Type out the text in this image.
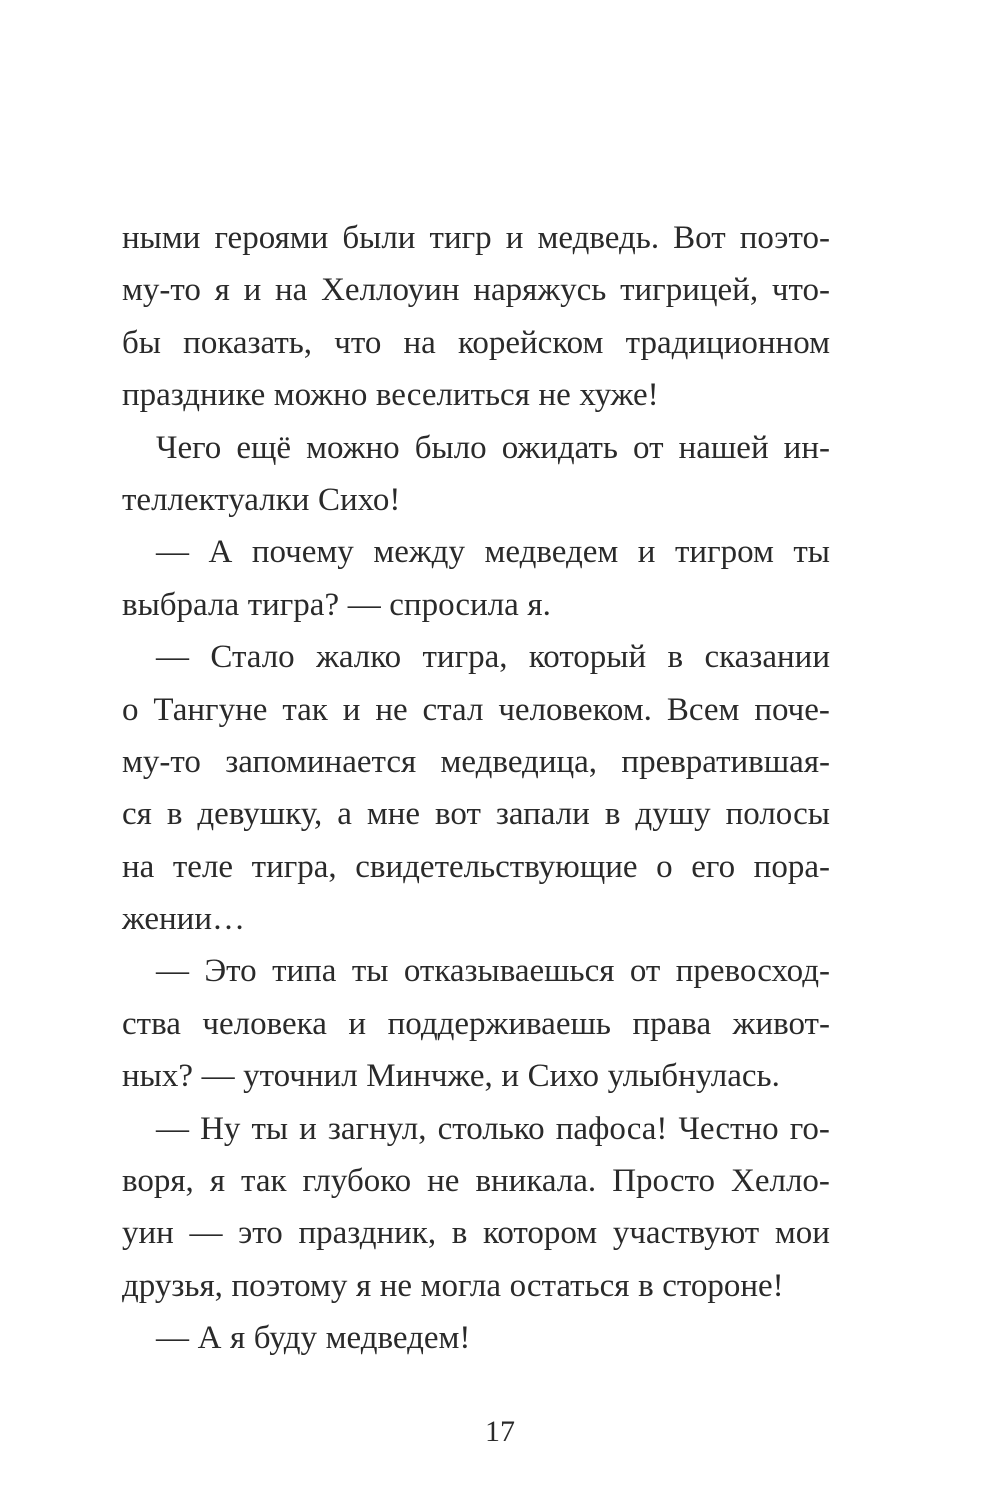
ными героями были тигр и медведь. Вот поэто-
му-то я и на Хеллоуин наряжусь тигрицей, что-
бы показать, что на корейском традиционном
празднике можно веселиться не хуже!
Чего ещё можно было ожидать от нашей ин-
теллектуалки Сихо!
— А почему между медведем и тигром ты
выбрала тигра? — спросила я.
— Стало жалко тигра, который в сказании
о Тангуне так и не стал человеком. Всем поче-
му-то запоминается медведица, превратившая-
ся в девушку, а мне вот запали в душу полосы
на теле тигра, свидетельствующие о его пора-
жении…
— Это типа ты отказываешься от превосход-
ства человека и поддерживаешь права живот-
ных? — уточнил Минчже, и Сихо улыбнулась.
— Ну ты и загнул, столько пафоса! Честно го-
воря, я так глубоко не вникала. Просто Хелло-
уин — это праздник, в котором участвуют мои
друзья, поэтому я не могла остаться в стороне!
— А я буду медведем!
17
